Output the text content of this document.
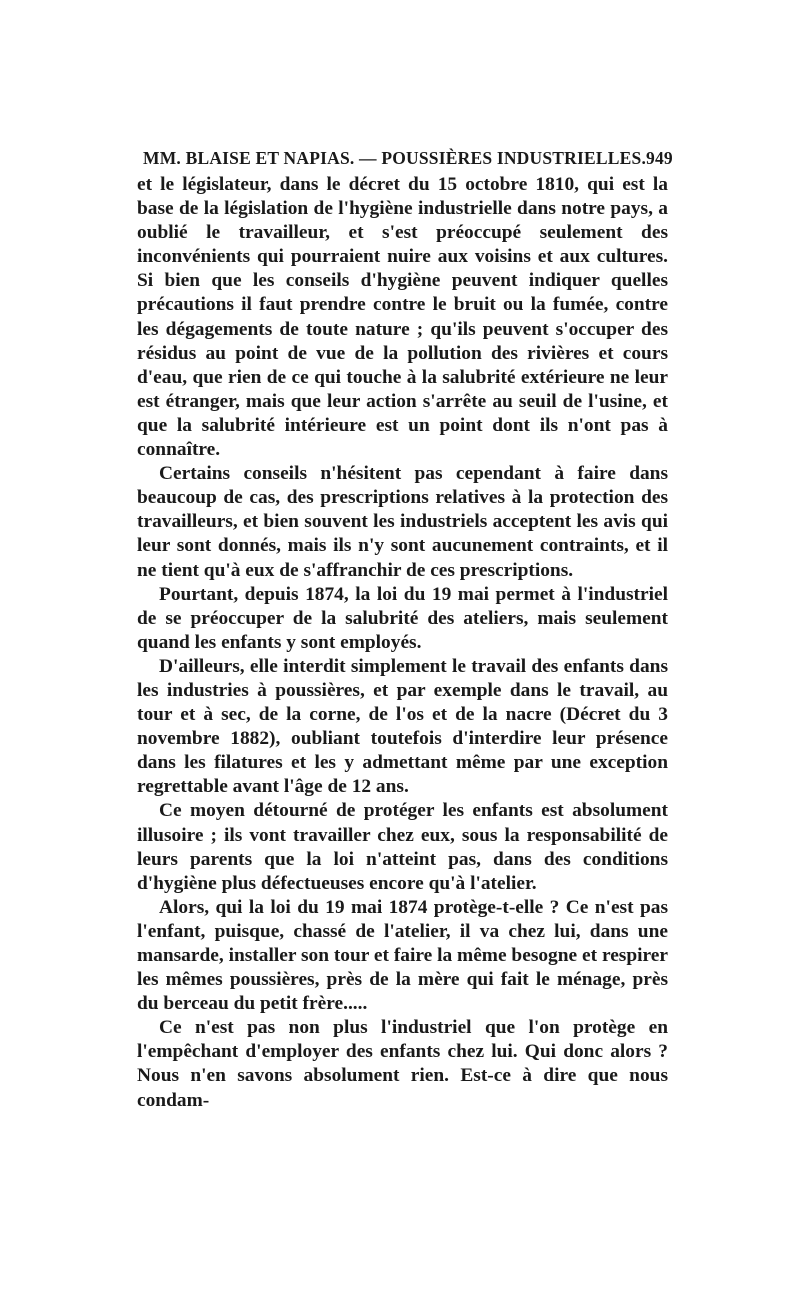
MM. BLAISE ET NAPIAS. — POUSSIÈRES INDUSTRIELLES. 949

et le législateur, dans le décret du 15 octobre 1810, qui est la base de la législation de l'hygiène industrielle dans notre pays, a oublié le travailleur, et s'est préoccupé seulement des inconvénients qui pourraient nuire aux voisins et aux cultures. Si bien que les conseils d'hygiène peuvent indiquer quelles précautions il faut prendre contre le bruit ou la fumée, contre les dégagements de toute nature ; qu'ils peuvent s'occuper des résidus au point de vue de la pollution des rivières et cours d'eau, que rien de ce qui touche à la salubrité extérieure ne leur est étranger, mais que leur action s'arrête au seuil de l'usine, et que la salubrité intérieure est un point dont ils n'ont pas à connaître.

Certains conseils n'hésitent pas cependant à faire dans beaucoup de cas, des prescriptions relatives à la protection des travailleurs, et bien souvent les industriels acceptent les avis qui leur sont donnés, mais ils n'y sont aucunement contraints, et il ne tient qu'à eux de s'affranchir de ces prescriptions.

Pourtant, depuis 1874, la loi du 19 mai permet à l'industriel de se préoccuper de la salubrité des ateliers, mais seulement quand les enfants y sont employés.

D'ailleurs, elle interdit simplement le travail des enfants dans les industries à poussières, et par exemple dans le travail, au tour et à sec, de la corne, de l'os et de la nacre (Décret du 3 novembre 1882), oubliant toutefois d'interdire leur présence dans les filatures et les y admettant même par une exception regrettable avant l'âge de 12 ans.

Ce moyen détourné de protéger les enfants est absolument illusoire ; ils vont travailler chez eux, sous la responsabilité de leurs parents que la loi n'atteint pas, dans des conditions d'hygiène plus défectueuses encore qu'à l'atelier.

Alors, qui la loi du 19 mai 1874 protège-t-elle ? Ce n'est pas l'enfant, puisque, chassé de l'atelier, il va chez lui, dans une mansarde, installer son tour et faire la même besogne et respirer les mêmes poussières, près de la mère qui fait le ménage, près du berceau du petit frère.....

Ce n'est pas non plus l'industriel que l'on protège en l'empêchant d'employer des enfants chez lui. Qui donc alors ? Nous n'en savons absolument rien. Est-ce à dire que nous condam-
